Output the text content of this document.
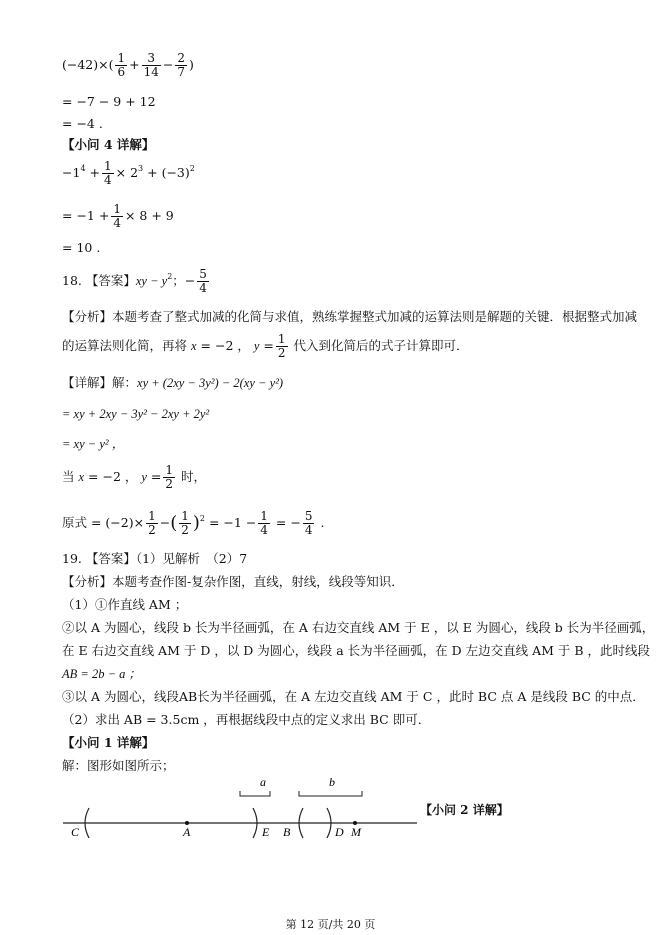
$(-42)\times( \frac{1}{6} + \frac{3}{14} - \frac{2}{7}$ )
= −7 − 9 + 12
= −4 .
【小问 4 详解】
$-1^4 + \frac{1}{4} \times 2^3 + (-3)^2$
= $-1 + \frac{1}{4} \times 8 + 9$
= 10 .
18. 【答案】xy − $y^2$；− $\frac{5}{4}$
【分析】本题考查了整式加减的化简与求值，熟练掌握整式加减的运算法则是解题的关键．根据整式加减
的运算法则化简，再将 x = −2 ， $y = \frac{1}{2}$ 代入到化简后的式子计算即可．
【详解】解：xy + (2xy − 3y²) − 2(xy − y²)
= xy + 2xy − 3y² − 2xy + 2y²
= xy − y² ，
当 x = −2 ， $y = \frac{1}{2}$ 时，
原式 = $(-2)\times \frac{1}{2}$ −( $\frac{1}{2} )^2 = -1 - \frac{1}{4}$ = − $\frac{5}{4}$ .
19. 【答案】（1）见解析　（2）7
【分析】本题考查作图-复杂作图，直线，射线，线段等知识．
（1）①作直线 AM ；
②以 A 为圆心，线段 b 长为半径画弧，在 A 右边交直线 AM 于 E ，以 E 为圆心，线段 b 长为半径画弧，
在 E 右边交直线 AM 于 D ，以 D 为圆心，线段 a 长为半径画弧，在 D 左边交直线 AM 于 B ，此时线段
AB = 2b − a ；
③以 A 为圆心，线段AB长为半径画弧，在 A 左边交直线 AM 于 C ，此时 BC 点 A 是线段 BC 的中点．
（2）求出 AB = 3.5cm ，再根据线段中点的定义求出 BC 即可．
【小问 1 详解】
解：图形如图所示；
a	b
C	A	E B	D M
【小问 2 详解】
第 12 页/共 20 页
